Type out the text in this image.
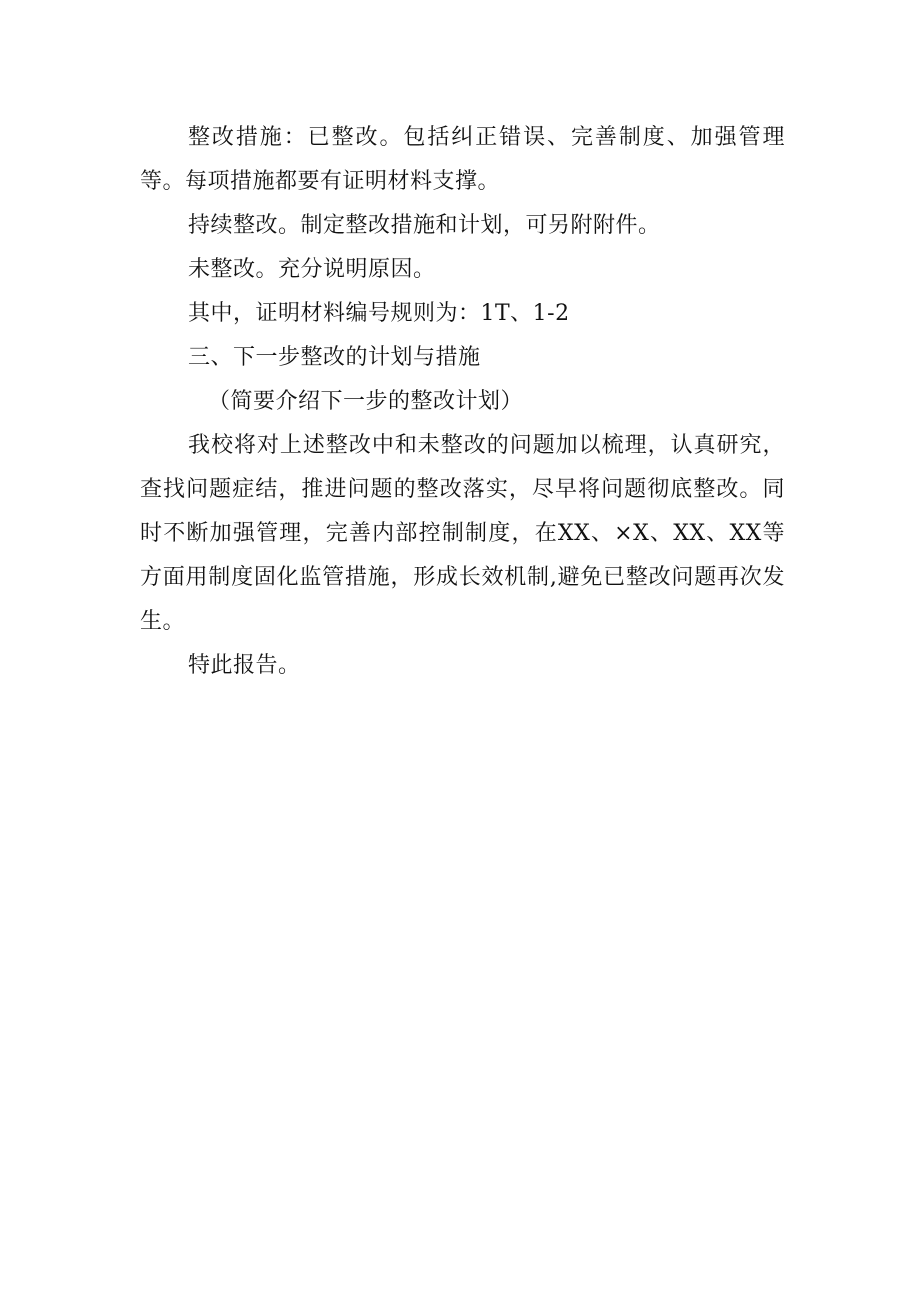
整改措施：已整改。包括纠正错误、完善制度、加强管理等。每项措施都要有证明材料支撑。

持续整改。制定整改措施和计划，可另附附件。

未整改。充分说明原因。

其中，证明材料编号规则为：1T、1-2

三、下一步整改的计划与措施

（简要介绍下一步的整改计划）

我校将对上述整改中和未整改的问题加以梳理，认真研究，查找问题症结，推进问题的整改落实，尽早将问题彻底整改。同时不断加强管理，完善内部控制制度，在XX、×X、XX、XX等方面用制度固化监管措施，形成长效机制,避免已整改问题再次发生。

特此报告。
